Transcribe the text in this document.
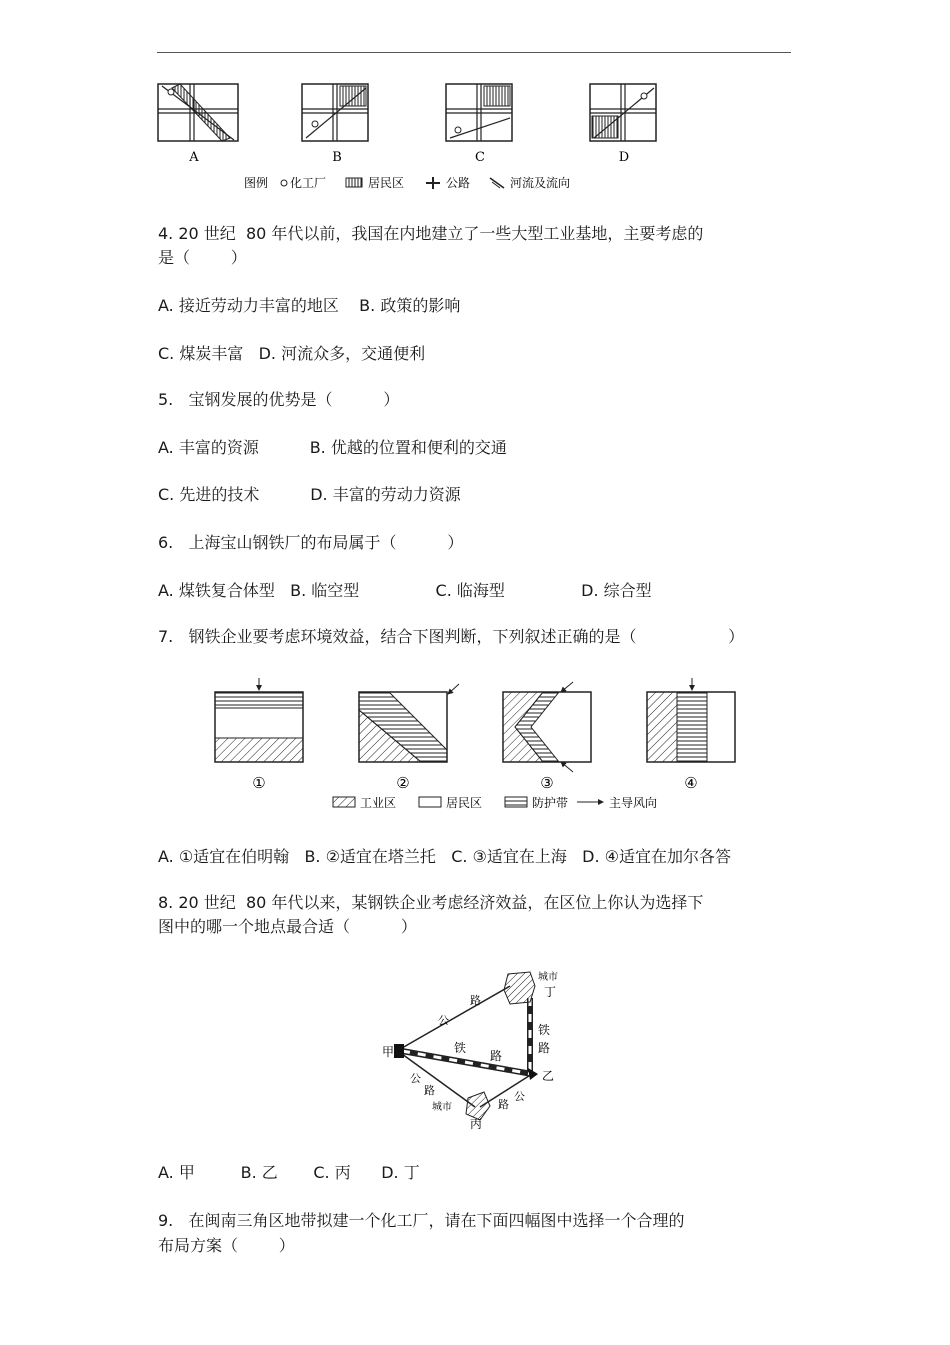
A	B	C
图例 化工厂	居民区	公路	河流及流向
D
4. 20 世纪  80 年代以前，我国在内地建立了一些大型工业基地，主要考虑的
是（        ）
A. 接近劳动力丰富的地区    B. 政策的影响
C. 煤炭丰富   D. 河流众多，交通便利
5.   宝钢发展的优势是（          ）
A. 丰富的资源          B. 优越的位置和便利的交通
C. 先进的技术          D. 丰富的劳动力资源
6.   上海宝山钢铁厂的布局属于（          ）
A. 煤铁复合体型   B. 临空型               C. 临海型               D. 综合型
7.   钢铁企业要考虑环境效益，结合下图判断，下列叙述正确的是（                  ）
①	②	③	④
工业区	居民区	防护带	主导风向
A. ①适宜在伯明翰   B. ②适宜在塔兰托   C. ③适宜在上海   D. ④适宜在加尔各答
8. 20 世纪  80 年代以来，某钢铁企业考虑经济效益，在区位上你认为选择下
图中的哪一个地点最合适（          ）
甲
乙
城市
丁
城市
丙
公
路
公
路
路
公
铁
路
铁
路
A. 甲         B. 乙       C. 丙      D. 丁
9.   在闽南三角区地带拟建一个化工厂，请在下面四幅图中选择一个合理的
布局方案（        ）
